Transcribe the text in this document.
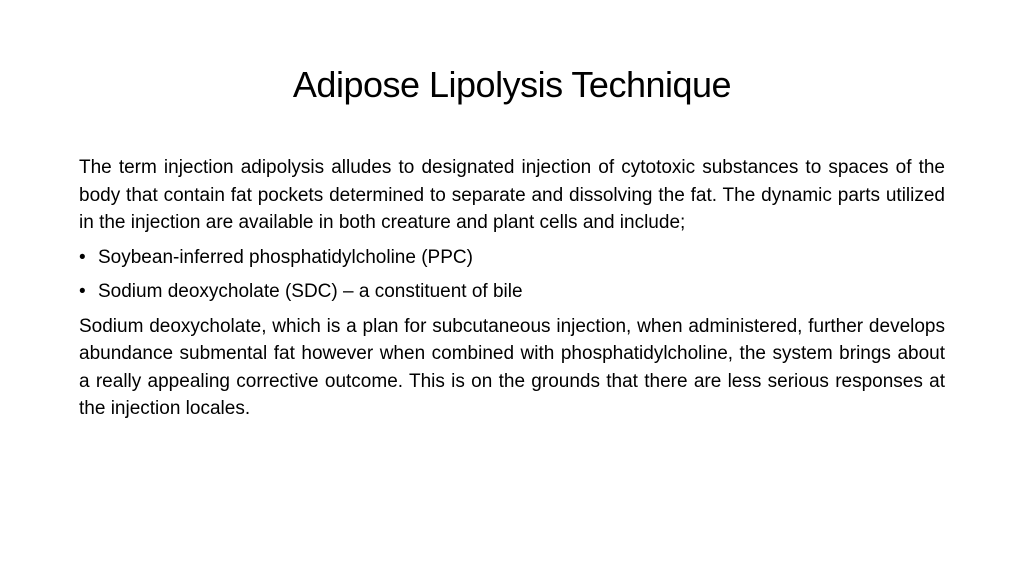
Adipose Lipolysis Technique

The term injection adipolysis alludes to designated injection of cytotoxic substances to spaces of the body that contain fat pockets determined to separate and dissolving the fat. The dynamic parts utilized in the injection are available in both creature and plant cells and include;

• Soybean-inferred phosphatidylcholine (PPC)
• Sodium deoxycholate (SDC) – a constituent of bile

Sodium deoxycholate, which is a plan for subcutaneous injection, when administered, further develops abundance submental fat however when combined with phosphatidylcholine, the system brings about a really appealing corrective outcome. This is on the grounds that there are less serious responses at the injection locales.
